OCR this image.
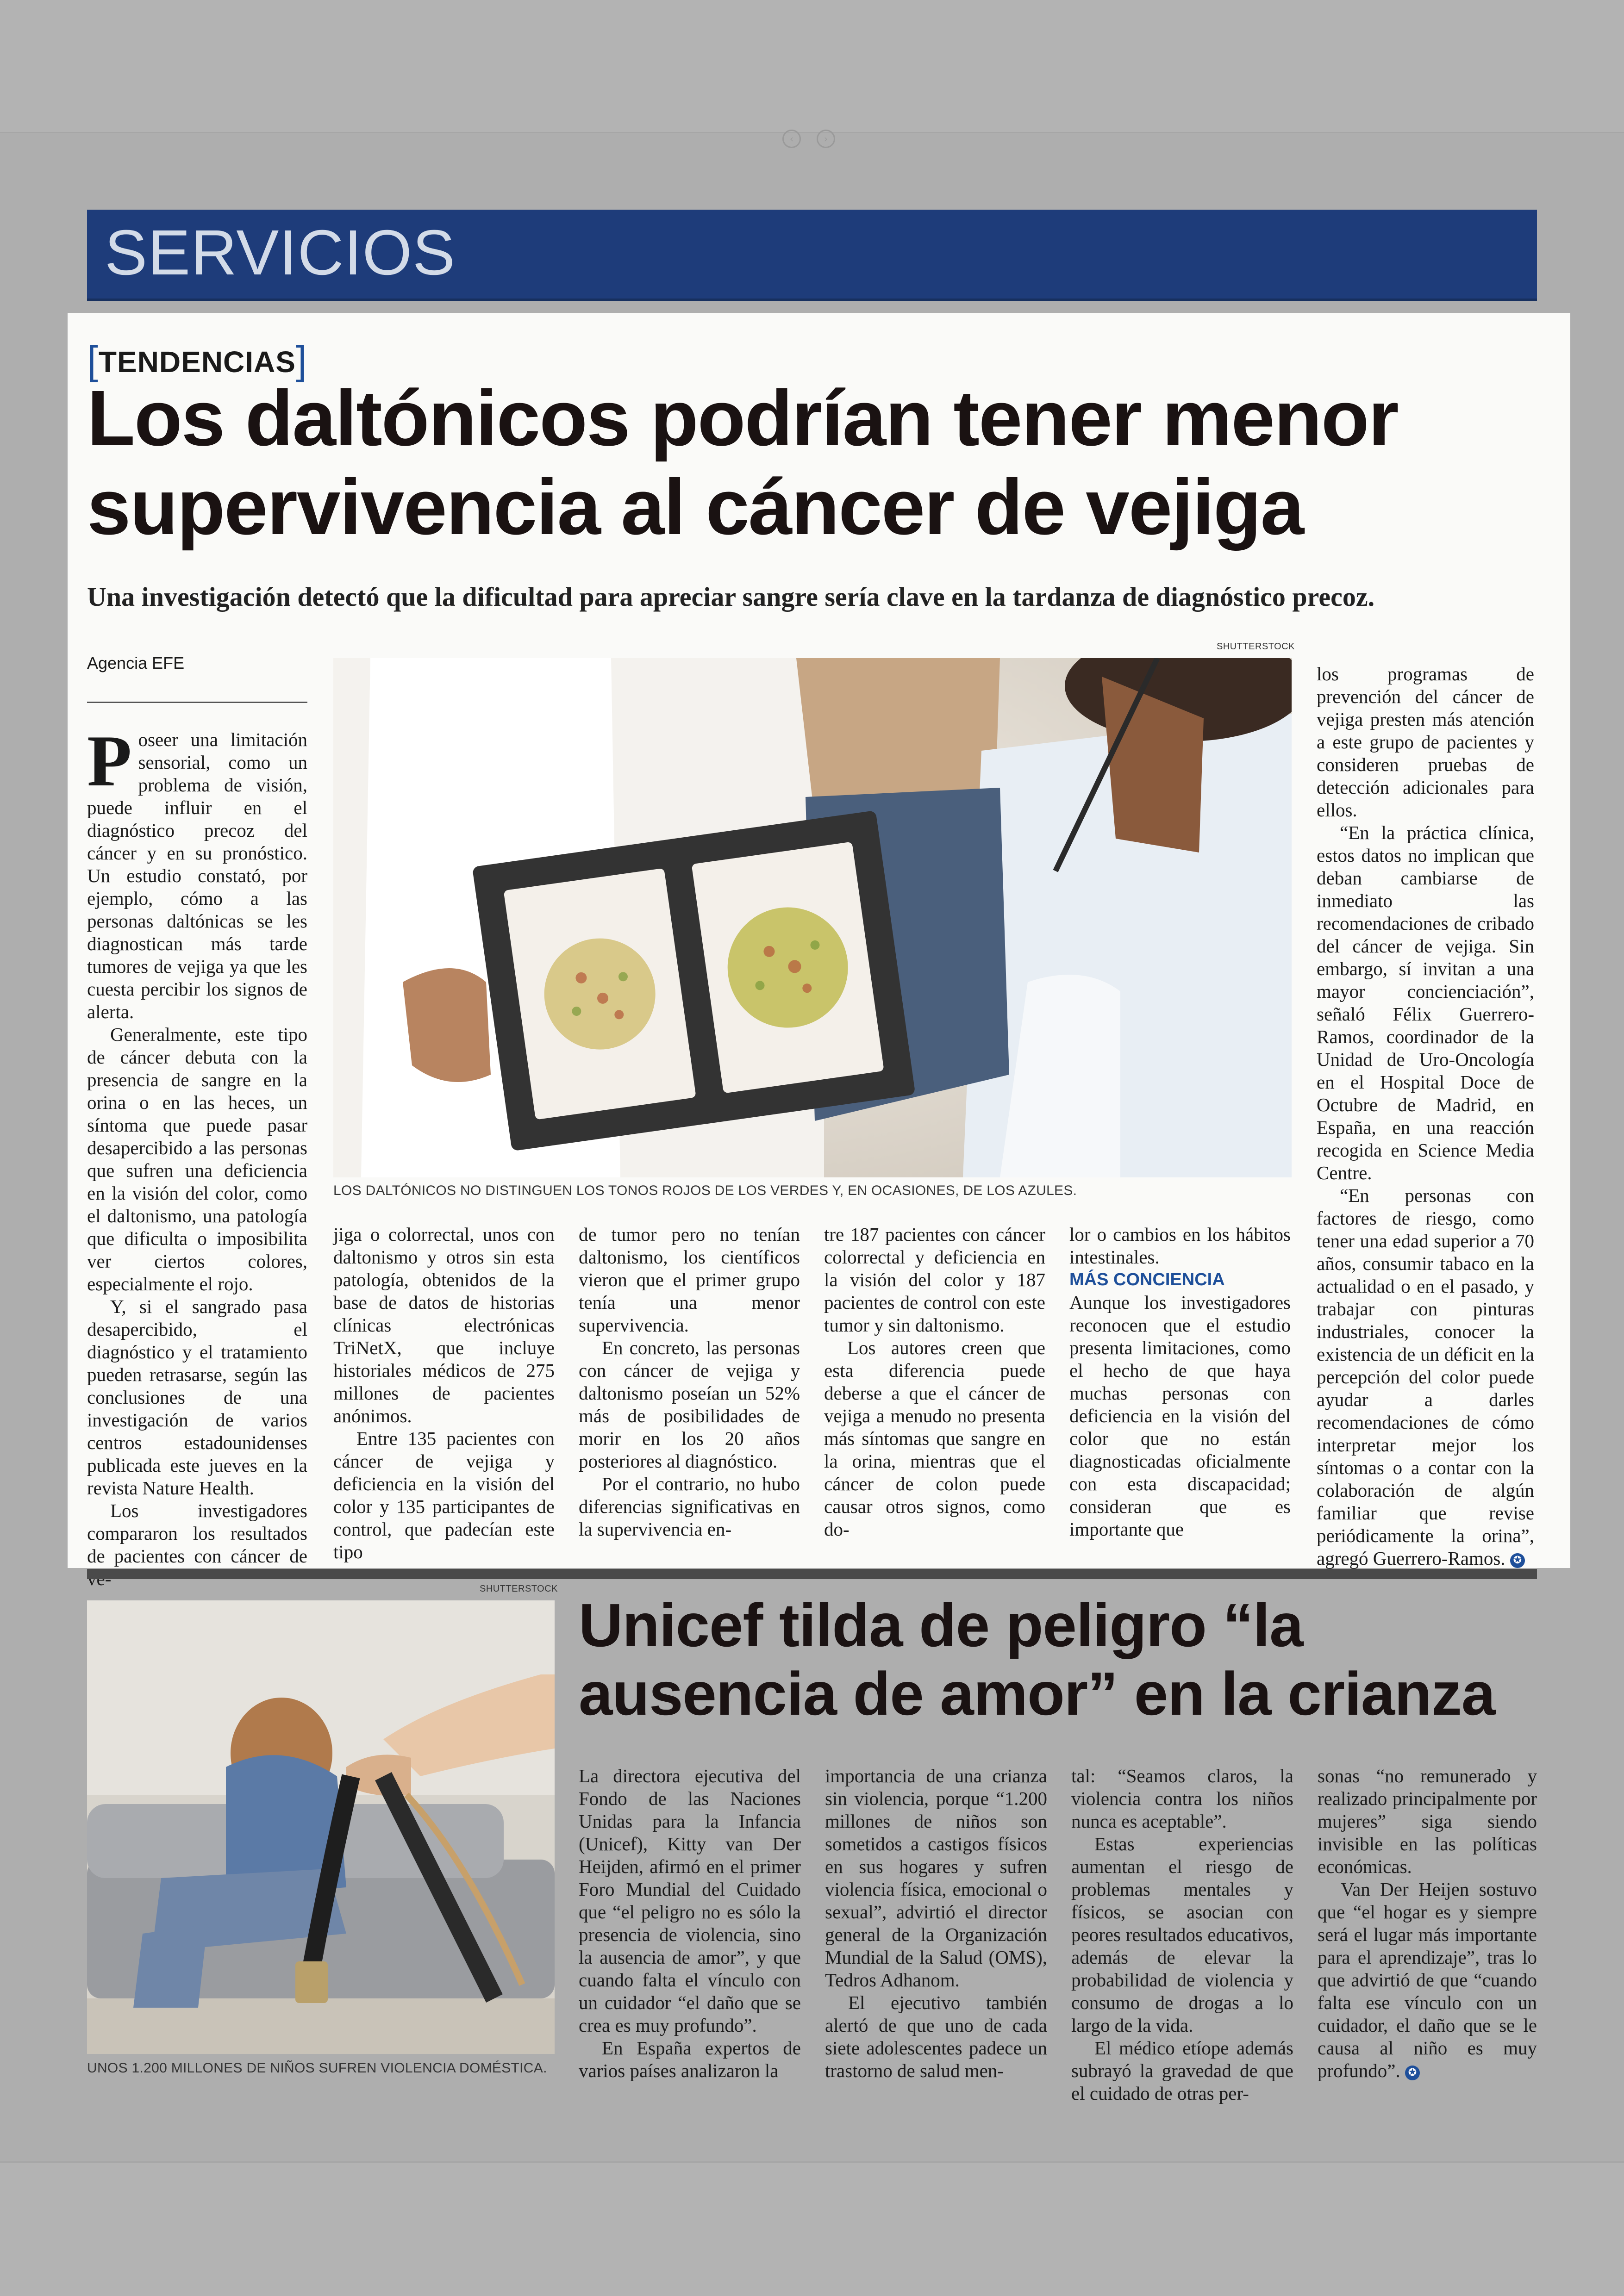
‹	›
SERVICIOS
[TENDENCIAS]
Los daltónicos podrían tener menor
supervivencia al cáncer de vejiga
Una investigación detectó que la dificultad para apreciar sangre sería clave en la tardanza de diagnóstico precoz.
Agencia EFE
SHUTTERSTOCK
LOS DALTÓNICOS NO DISTINGUEN LOS TONOS ROJOS DE LOS VERDES Y, EN OCASIONES, DE LOS AZULES.

Poseer una limitación sensorial, como un problema de visión, puede influir en el diagnóstico precoz del cáncer y en su pronóstico. Un estudio constató, por ejemplo, cómo a las personas daltónicas se les diagnostican más tarde tumores de vejiga ya que les cuesta percibir los signos de alerta.

Generalmente, este tipo de cáncer debuta con la presencia de sangre en la orina o en las heces, un síntoma que puede pasar desapercibido a las personas que sufren una deficiencia en la visión del color, como el daltonismo, una patología que dificulta o imposibilita ver ciertos colores, especialmente el rojo.

Y, si el sangrado pasa desapercibido, el diagnóstico y el tratamiento pueden retrasarse, según las conclusiones de una investigación de varios centros estadounidenses publicada este jueves en la revista Nature Health.

Los investigadores compararon los resultados de pacientes con cáncer de

jiga o colorrectal, unos con daltonismo y otros sin esta patología, obtenidos de la base de datos de historias clínicas electrónicas TriNetX, que incluye historiales médicos de 275 millones de pacientes anónimos.

Entre 135 pacientes con cáncer de vejiga y deficiencia en la visión del color y 135 participantes de control, que padecían este tipo

de tumor pero no tenían daltonismo, los científicos vieron que el primer grupo tenía una menor supervivencia.

En concreto, las personas con cáncer de vejiga y daltonismo poseían un 52% más de posibilidades de morir en los 20 años posteriores al diagnóstico.

Por el contrario, no hubo diferencias significativas en la supervivencia en-

tre 187 pacientes con cáncer colorrectal y deficiencia en la visión del color y 187 pacientes de control con este tumor y sin daltonismo.

Los autores creen que esta diferencia puede deberse a que el cáncer de vejiga a menudo no presenta más síntomas que sangre en la orina, mientras que el cáncer de colon puede causar otros signos, como do-

lor o cambios en los hábitos intestinales.

MÁS CONCIENCIA

Aunque los investigadores reconocen que el estudio presenta limitaciones, como el hecho de que haya muchas personas con deficiencia en la visión del color que no están diagnosticadas oficialmente con esta discapacidad; consideran que es importante que

los programas de prevención del cáncer de vejiga presten más atención a este grupo de pacientes y consideren pruebas de detección adicionales para ellos.

“En la práctica clínica, estos datos no implican que deban cambiarse de inmediato las recomendaciones de cribado del cáncer de vejiga. Sin embargo, sí invitan a una mayor concienciación”, señaló Félix Guerrero-Ramos, coordinador de la Unidad de Uro-Oncología en el Hospital Doce de Octubre de Madrid, en España, en una reacción recogida en Science Media Centre.

“En personas con factores de riesgo, como tener una edad superior a 70 años, consumir tabaco en la actualidad o en el pasado, y trabajar con pinturas industriales, conocer la existencia de un déficit en la percepción del color puede ayudar a darles recomendaciones de cómo interpretar mejor los síntomas o a contar con la colaboración de algún familiar que revise periódicamente la orina”, agregó Guerrero-Ramos. ✪

SHUTTERSTOCK
UNOS 1.200 MILLONES DE NIÑOS SUFREN VIOLENCIA DOMÉSTICA.
Unicef tilda de peligro “la
ausencia de amor” en la crianza

La directora ejecutiva del Fondo de las Naciones Unidas para la Infancia (Unicef), Kitty van Der Heijden, afirmó en el primer Foro Mundial del Cuidado que “el peligro no es sólo la presencia de violencia, sino la ausencia de amor”, y que cuando falta el vínculo con un cuidador “el daño que se crea es muy profundo”.

En España expertos de varios países analizaron la

importancia de una crianza sin violencia, porque “1.200 millones de niños son sometidos a castigos físicos en sus hogares y sufren violencia física, emocional o sexual”, advirtió el director general de la Organización Mundial de la Salud (OMS), Tedros Adhanom.

El ejecutivo también alertó de que uno de cada siete adolescentes padece un trastorno de salud men-

tal: “Seamos claros, la violencia contra los niños nunca es aceptable”.

Estas experiencias aumentan el riesgo de problemas mentales y físicos, se asocian con peores resultados educativos, además de elevar la probabilidad de violencia y consumo de drogas a lo largo de la vida.

El médico etíope además subrayó la gravedad de que el cuidado de otras per-

sonas “no remunerado y realizado principalmente por mujeres” siga siendo invisible en las políticas económicas.

Van Der Heijen sostuvo que “el hogar es y siempre será el lugar más importante para el aprendizaje”, tras lo que advirtió de que “cuando falta ese vínculo con un cuidador, el daño que se le causa al niño es muy profundo”. ✪
